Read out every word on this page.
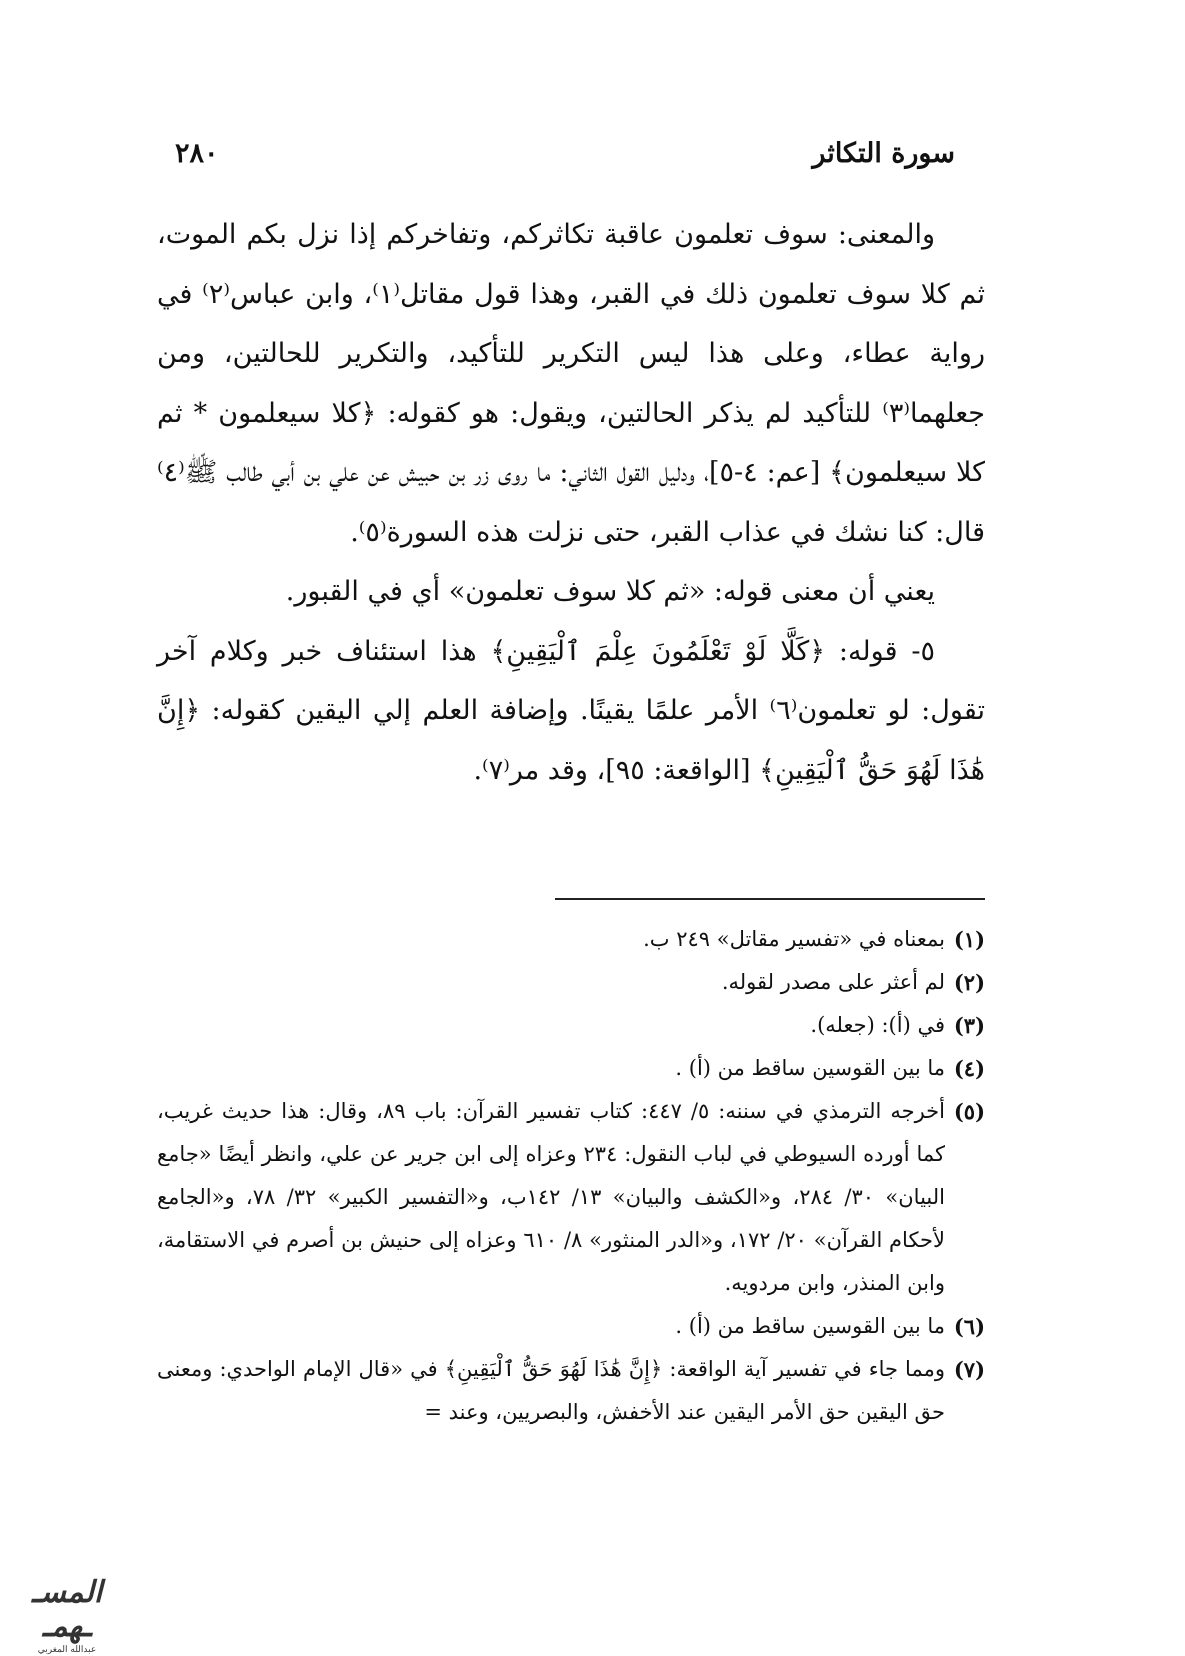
سورة التكاثر
٢٨٠

والمعنى: سوف تعلمون عاقبة تكاثركم، وتفاخركم إذا نزل بكم الموت، ثم كلا سوف تعلمون ذلك في القبر، وهذا قول مقاتل⁽١⁾، وابن عباس⁽٢⁾ في رواية عطاء، وعلى هذا ليس التكرير للتأكيد، والتكرير للحالتين، ومن جعلهما⁽٣⁾ للتأكيد لم يذكر الحالتين، ويقول: هو كقوله: ﴿كلا سيعلمون * ثم كلا سيعلمون﴾ [عم: ٤-٥]، ودليل القول الثاني: ما روى زر بن حبيش عن علي بن أبي طالب ﷺ⁽٤⁾ قال: كنا نشك في عذاب القبر، حتى نزلت هذه السورة⁽٥⁾.

يعني أن معنى قوله: «ثم كلا سوف تعلمون» أي في القبور.

٥- قوله: ﴿كَلَّا لَوْ تَعْلَمُونَ عِلْمَ ٱلْيَقِينِ﴾ هذا استئناف خبر وكلام آخر تقول: لو تعلمون⁽٦⁾ الأمر علمًا يقينًا. وإضافة العلم إلي اليقين كقوله: ﴿إِنَّ هَٰذَا لَهُوَ حَقُّ ٱلْيَقِينِ﴾ [الواقعة: ٩٥]، وقد مر⁽٧⁾.

(١)
بمعناه في «تفسير مقاتل» ٢٤٩ ب.
(٢)
لم أعثر على مصدر لقوله.
(٣)
في (أ): (جعله).
(٤)
ما بين القوسين ساقط من (أ) .
(٥)
أخرجه الترمذي في سننه: ٥/ ٤٤٧: كتاب تفسير القرآن: باب ٨٩، وقال: هذا حديث غريب، كما أورده السيوطي في لباب النقول: ٢٣٤ وعزاه إلى ابن جرير عن علي، وانظر أيضًا «جامع البيان» ٣٠/ ٢٨٤، و«الكشف والبيان» ١٣/ ١٤٢ب، و«التفسير الكبير» ٣٢/ ٧٨، و«الجامع لأحكام القرآن» ٢٠/ ١٧٢، و«الدر المنثور» ٨/ ٦١٠ وعزاه إلى حنيش بن أصرم في الاستقامة، وابن المنذر، وابن مردويه.
(٦)
ما بين القوسين ساقط من (أ) .
(٧)
ومما جاء في تفسير آية الواقعة: ﴿إِنَّ هَٰذَا لَهُوَ حَقُّ ٱلْيَقِينِ﴾ في «قال الإمام الواحدي: ومعنى حق اليقين حق الأمر اليقين عند الأخفش، والبصريين، وعند =
المسـ ـهمـ
عبدالله المغربي
